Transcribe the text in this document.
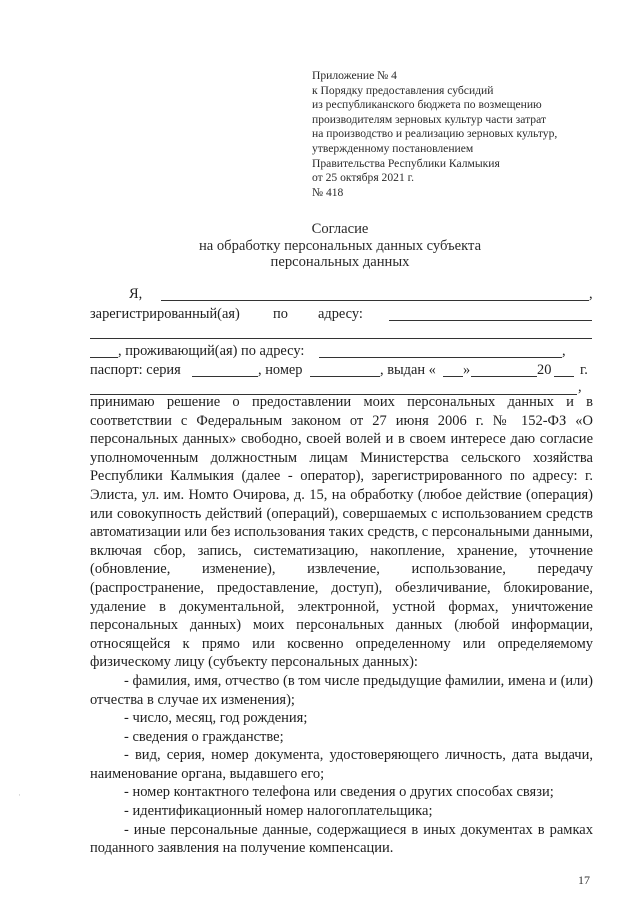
Приложение № 4
к Порядку предоставления субсидий
из республиканского бюджета по возмещению
производителям зерновых культур части затрат
на производство и реализацию зерновых культур,
утвержденному постановлением
Правительства Республики Калмыкия
от 25 октября 2021 г.
№ 418
Согласие
на обработку персональных данных субъекта
персональных данных
Я,	,
зарегистрированный(ая) по адресу:
, проживающий(ая) по адресу:	,
паспорт: серия	, номер	, выдан « »	20 г.
,

принимаю решение о предоставлении моих персональных данных и в соответствии с Федеральным законом от 27 июня 2006 г. № 152-ФЗ «О персональных данных» свободно, своей волей и в своем интересе даю согласие уполномоченным должностным лицам Министерства сельского хозяйства Республики Калмыкия (далее - оператор), зарегистрированного по адресу: г. Элиста, ул. им. Номто Очирова, д. 15, на обработку (любое действие (операция) или совокупность действий (операций), совершаемых с использованием средств автоматизации или без использования таких средств, с персональными данными, включая сбор, запись, систематизацию, накопление, хранение, уточнение (обновление, изменение), извлечение, использование, передачу (распространение, предоставление, доступ), обезличивание, блокирование, удаление в документальной, электронной, устной формах, уничтожение персональных данных) моих персональных данных (любой информации, относящейся к прямо или косвенно определенному или определяемому физическому лицу (субъекту персональных данных):

- фамилия, имя, отчество (в том числе предыдущие фамилии, имена и (или) отчества в случае их изменения);

- число, месяц, год рождения;

- сведения о гражданстве;

- вид, серия, номер документа, удостоверяющего личность, дата выдачи, наименование органа, выдавшего его;

- номер контактного телефона или сведения о других способах связи;

- идентификационный номер налогоплательщика;

- иные персональные данные, содержащиеся в иных документах в рамках поданного заявления на получение компенсации.

·
17
